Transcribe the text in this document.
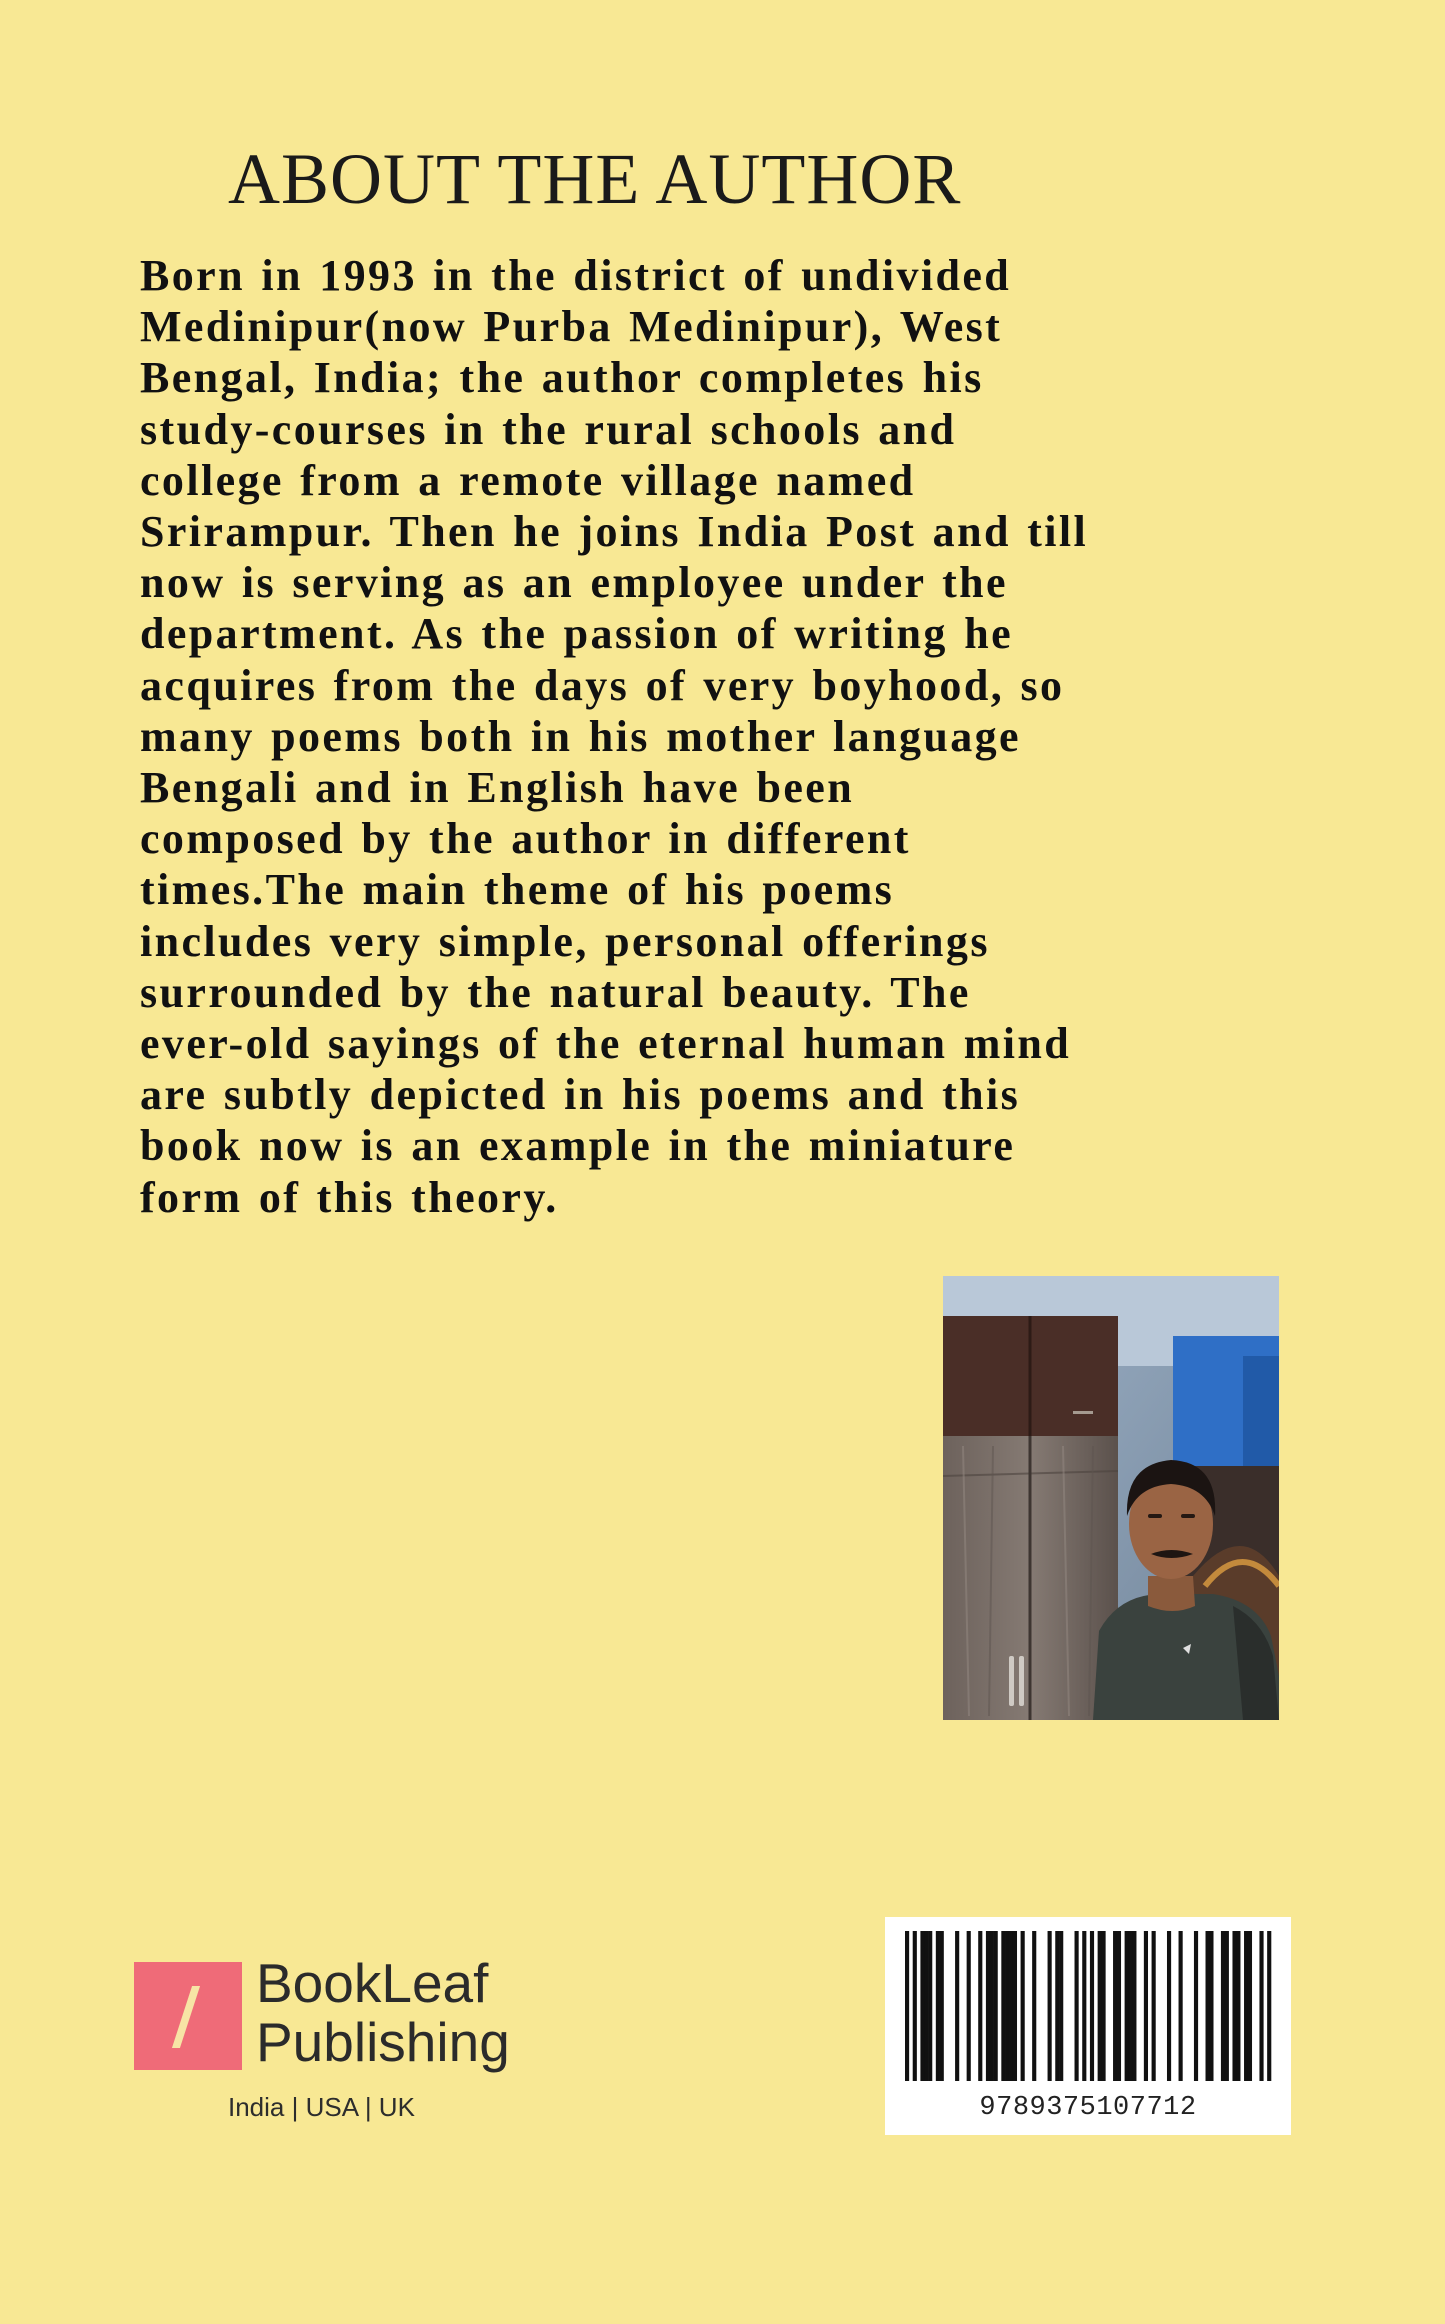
ABOUT THE AUTHOR
Born in 1993 in the district of undivided
Medinipur(now Purba Medinipur), West
Bengal, India; the author completes his
study-courses in the rural schools and
college from a remote village named
Srirampur. Then he joins India Post and till
now is serving as an employee under the
department. As the passion of writing he
acquires from the days of very boyhood, so
many poems both in his mother language
Bengali and in English have been
composed by the author in different
times.The main theme of his poems
includes very simple, personal offerings
surrounded by the natural beauty. The
ever-old sayings of the eternal human mind
are subtly depicted in his poems and this
book now is an example in the miniature
form of this theory.
BookLeaf
Publishing
India | USA | UK	9789375107712
